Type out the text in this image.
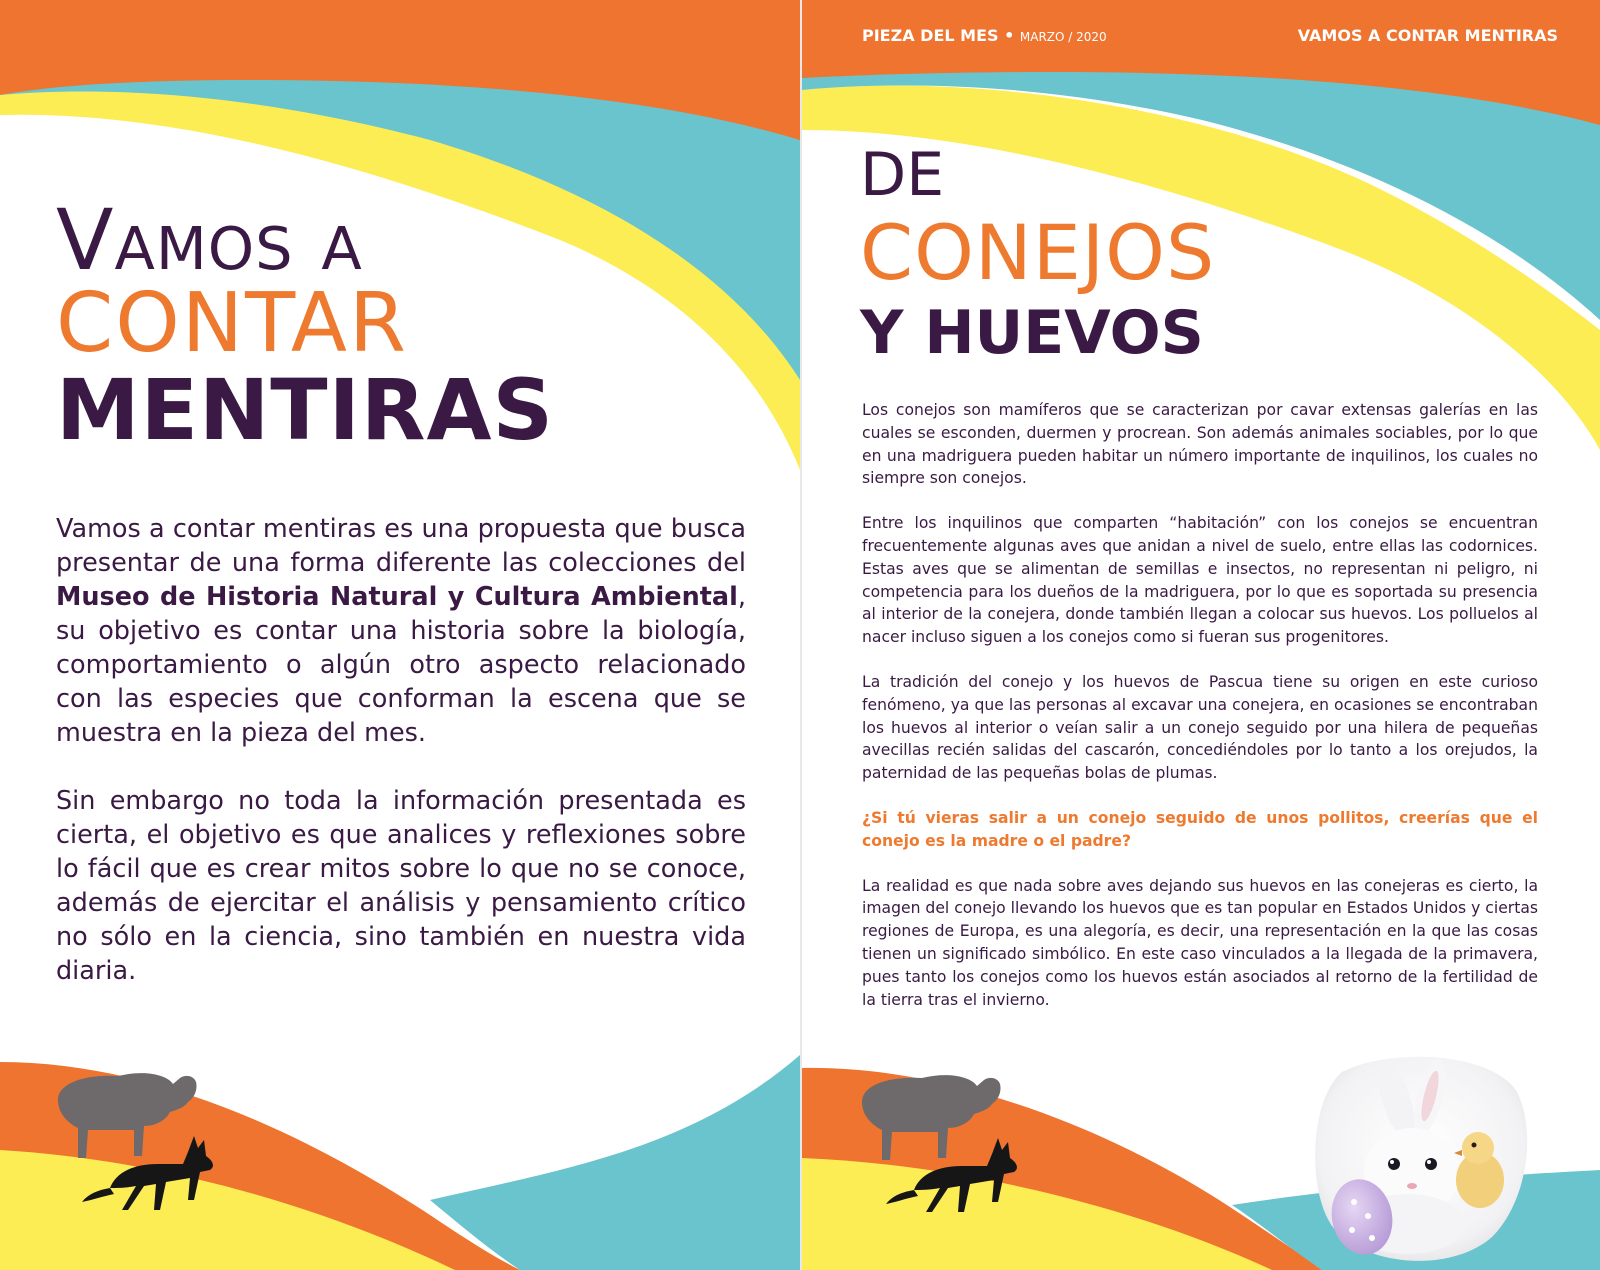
Vamos a
CONTAR
MENTIRAS

Vamos a contar mentiras es una propuesta que busca presentar de una forma diferente las colecciones del Museo de Historia Natural y Cultura Ambiental, su objetivo es contar una historia sobre la biología, comportamiento o algún otro aspecto relacionado con las especies que conforman la escena que se muestra en la pieza del mes.

Sin embargo no toda la información presentada es cierta, el objetivo es que analices y reflexiones sobre lo fácil que es crear mitos sobre lo que no se conoce, además de ejercitar el análisis y pensamiento crítico no sólo en la ciencia, sino también en nuestra vida diaria.

PIEZA DEL MES • MARZO / 2020	VAMOS A CONTAR MENTIRAS
DE
CONEJOS
Y HUEVOS

Los conejos son mamíferos que se caracterizan por cavar extensas galerías en las cuales se esconden, duermen y procrean. Son además animales sociables, por lo que en una madriguera pueden habitar un número importante de inquilinos, los cuales no siempre son conejos.

Entre los inquilinos que comparten “habitación” con los conejos se encuentran frecuentemente algunas aves que anidan a nivel de suelo, entre ellas las codornices. Estas aves que se alimentan de semillas e insectos, no representan ni peligro, ni competencia para los dueños de la madriguera, por lo que es soportada su presencia al interior de la conejera, donde también llegan a colocar sus huevos. Los polluelos al nacer incluso siguen a los conejos como si fueran sus progenitores.

La tradición del conejo y los huevos de Pascua tiene su origen en este curioso fenómeno, ya que las personas al excavar una conejera, en ocasiones se encontraban los huevos al interior o veían salir a un conejo seguido por una hilera de pequeñas avecillas recién salidas del cascarón, concediéndoles por lo tanto a los orejudos, la paternidad de las pequeñas bolas de plumas.

¿Si tú vieras salir a un conejo seguido de unos pollitos, creerías que el conejo es la madre o el padre?

La realidad es que nada sobre aves dejando sus huevos en las conejeras es cierto, la imagen del conejo llevando los huevos que es tan popular en Estados Unidos y ciertas regiones de Europa, es una alegoría, es decir, una representación en la que las cosas tienen un significado simbólico. En este caso vinculados a la llegada de la primavera, pues tanto los conejos como los huevos están asociados al retorno de la fertilidad de la tierra tras el invierno.
